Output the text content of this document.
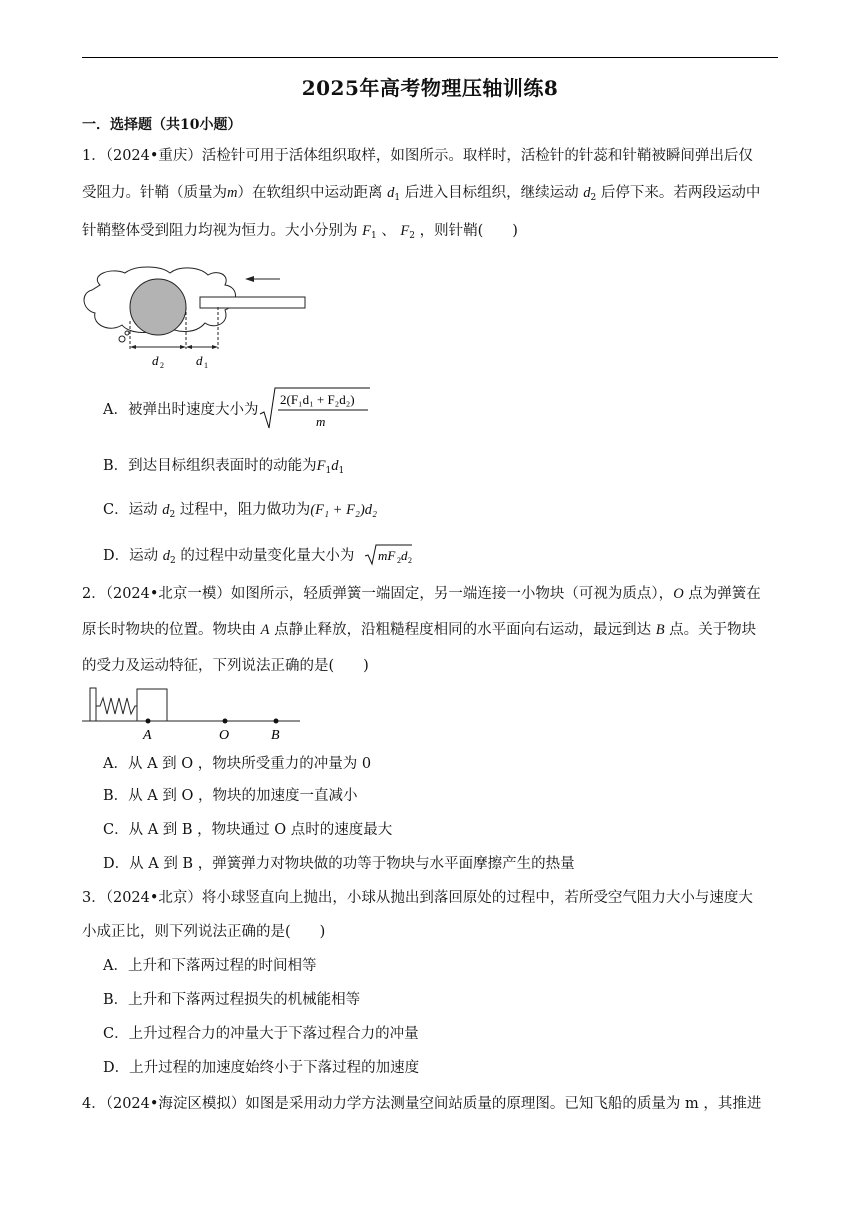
2025年高考物理压轴训练8
一．选择题（共10小题）
1．（2024•重庆）活检针可用于活体组织取样，如图所示。取样时，活检针的针蕊和针鞘被瞬间弹出后仅
受阻力。针鞘（质量为m）在软组织中运动距离 $d_1$ 后进入目标组织，继续运动 $d_2$ 后停下来。若两段运动中
针鞘整体受到阻力均视为恒力。大小分别为 $F_1$ 、 $F_2$ ，则针鞘(　　)
d 2 d 1
A．被弹出时速度大小为
2(F₁d₁ + F₂d₂)
m
B．到达目标组织表面时的动能为$F_1d_1$
C．运动 $d_2$ 过程中，阻力做功为(F₁ + F₂)d₂
D．运动 $d_2$ 的过程中动量变化量大小为 mF 2 d 2
2．（2024•北京一模）如图所示，轻质弹簧一端固定，另一端连接一小物块（可视为质点），O 点为弹簧在
原长时物块的位置。物块由 A 点静止释放，沿粗糙程度相同的水平面向右运动，最远到达 B 点。关于物块
的受力及运动特征，下列说法正确的是(　　)
A	O	B
A．从 A 到 O ，物块所受重力的冲量为 0
B．从 A 到 O ，物块的加速度一直减小
C．从 A 到 B ，物块通过 O 点时的速度最大
D．从 A 到 B ，弹簧弹力对物块做的功等于物块与水平面摩擦产生的热量
3．（2024•北京）将小球竖直向上抛出，小球从抛出到落回原处的过程中，若所受空气阻力大小与速度大
小成正比，则下列说法正确的是(　　)
A．上升和下落两过程的时间相等
B．上升和下落两过程损失的机械能相等
C．上升过程合力的冲量大于下落过程合力的冲量
D．上升过程的加速度始终小于下落过程的加速度
4．（2024•海淀区模拟）如图是采用动力学方法测量空间站质量的原理图。已知飞船的质量为 m ，其推进
